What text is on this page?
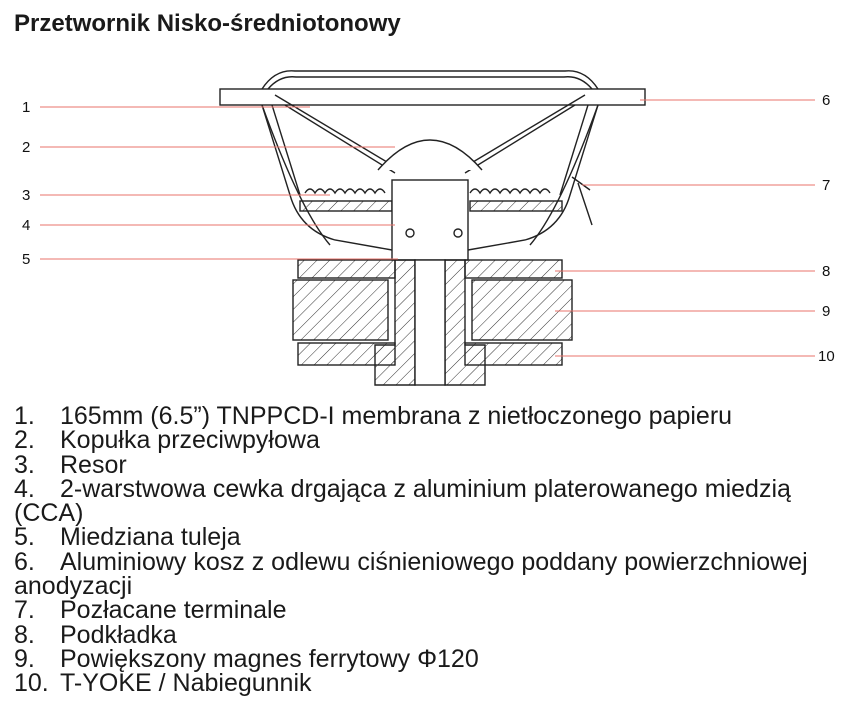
Przetwornik Nisko-średniotonowy
1
2
3
4
5
6
7
8
9
10
1. 165mm (6.5”) TNPPCD-I membrana z nietłoczonego papieru
2. Kopułka przeciwpyłowa
3. Resor
4. 2-warstwowa cewka drgająca z aluminium platerowanego miedzią (CCA)
5. Miedziana tuleja
6. Aluminiowy kosz z odlewu ciśnieniowego poddany powierzchniowej anodyzacji
7. Pozłacane terminale
8. Podkładka
9. Powiększony magnes ferrytowy Φ120
10. T-YOKE / Nabiegunnik
